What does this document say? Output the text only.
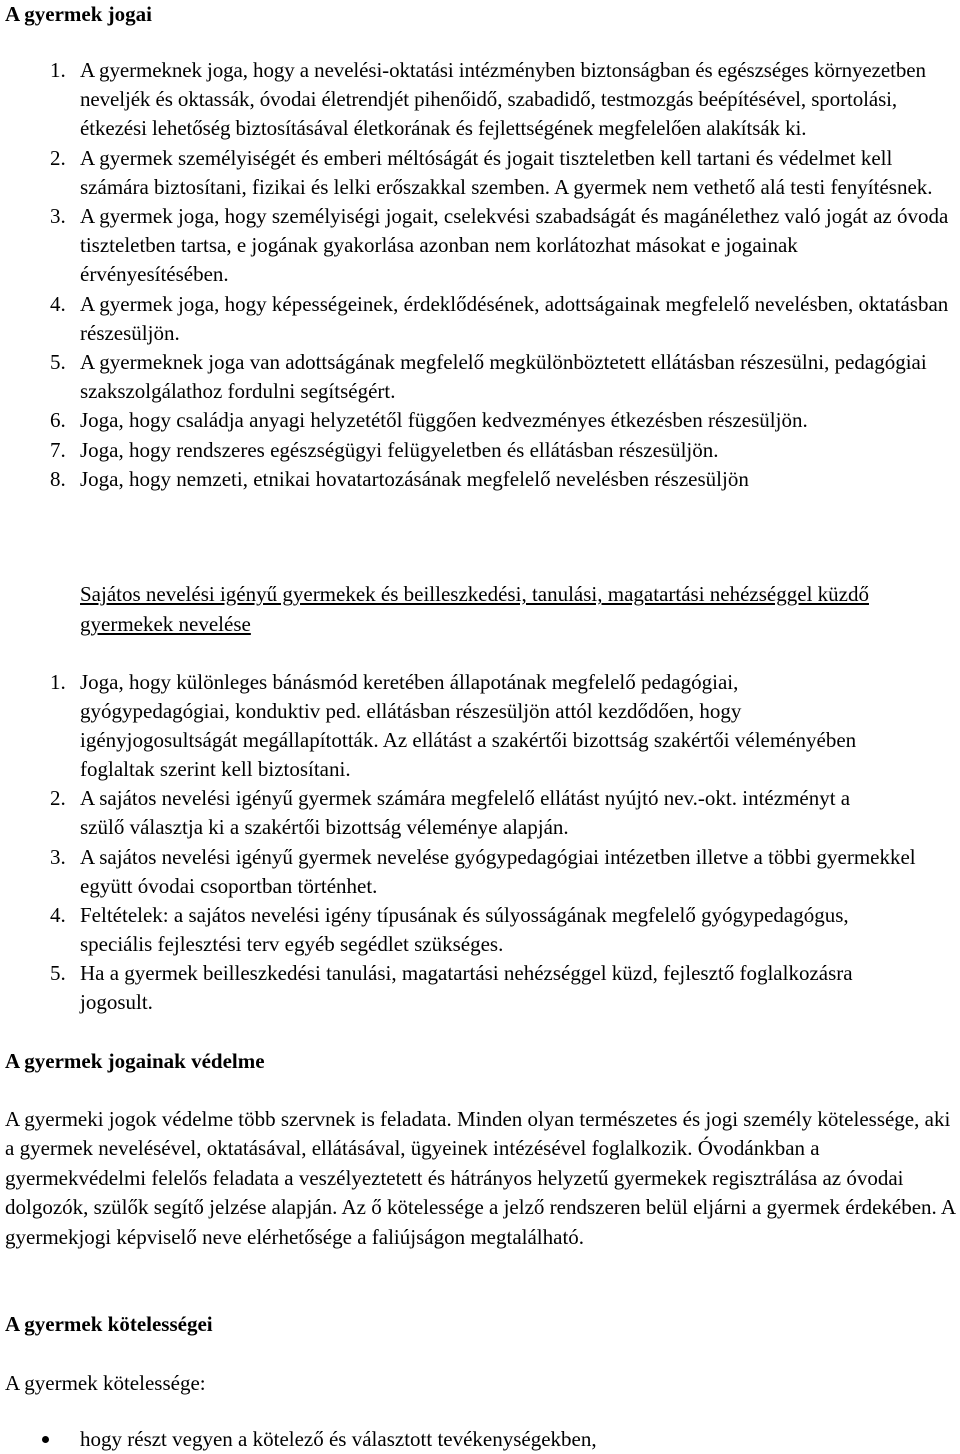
A gyermek jogai
1. A gyermeknek joga, hogy a nevelési-oktatási intézményben biztonságban és egészséges környezetben neveljék és oktassák, óvodai életrendjét pihenőidő, szabadidő, testmozgás beépítésével, sportolási, étkezési lehetőség biztosításával életkorának és fejlettségének megfelelően alakítsák ki.
2. A gyermek személyiségét és emberi méltóságát és jogait tiszteletben kell tartani és védelmet kell számára biztosítani, fizikai és lelki erőszakkal szemben. A gyermek nem vethető alá testi fenyítésnek.
3. A gyermek joga, hogy személyiségi jogait, cselekvési szabadságát és magánélethez való jogát az óvoda tiszteletben tartsa, e jogának gyakorlása azonban nem korlátozhat másokat e jogainak érvényesítésében.
4. A gyermek joga, hogy képességeinek, érdeklődésének, adottságainak megfelelő nevelésben, oktatásban részesüljön.
5. A gyermeknek joga van adottságának megfelelő megkülönböztetett ellátásban részesülni, pedagógiai szakszolgálathoz fordulni segítségért.
6. Joga, hogy családja anyagi helyzetétől függően kedvezményes étkezésben részesüljön.
7. Joga, hogy rendszeres egészségügyi felügyeletben és ellátásban részesüljön.
8. Joga, hogy nemzeti, etnikai hovatartozásának megfelelő nevelésben részesüljön
Sajátos nevelési igényű gyermekek és beilleszkedési, tanulási, magatartási nehézséggel küzdő gyermekek nevelése
1. Joga, hogy különleges bánásmód keretében állapotának megfelelő pedagógiai, gyógypedagógiai, konduktiv ped. ellátásban részesüljön attól kezdődően, hogy igényjogosultságát megállapították. Az ellátást a szakértői bizottság szakértői véleményében foglaltak szerint kell biztosítani.
2. A sajátos nevelési igényű gyermek számára megfelelő ellátást nyújtó nev.-okt. intézményt a szülő választja ki a szakértői bizottság véleménye alapján.
3. A sajátos nevelési igényű gyermek nevelése gyógypedagógiai intézetben illetve a többi gyermekkel együtt óvodai csoportban történhet.
4. Feltételek: a sajátos nevelési igény típusának és súlyosságának megfelelő gyógypedagógus, speciális fejlesztési terv egyéb segédlet szükséges.
5. Ha a gyermek beilleszkedési tanulási, magatartási nehézséggel küzd, fejlesztő foglalkozásra jogosult.
A gyermek jogainak védelme

A gyermeki jogok védelme több szervnek is feladata. Minden olyan természetes és jogi személy kötelessége, aki a gyermek nevelésével, oktatásával, ellátásával, ügyeinek intézésével foglalkozik. Óvodánkban a gyermekvédelmi felelős feladata a veszélyeztetett és hátrányos helyzetű gyermekek regisztrálása az óvodai dolgozók, szülők segítő jelzése alapján. Az ő kötelessége a jelző rendszeren belül eljárni a gyermek érdekében. A gyermekjogi képviselő neve elérhetősége a faliújságon megtalálható.

A gyermek kötelességei

A gyermek kötelessége:

hogy részt vegyen a kötelező és választott tevékenységekben,
